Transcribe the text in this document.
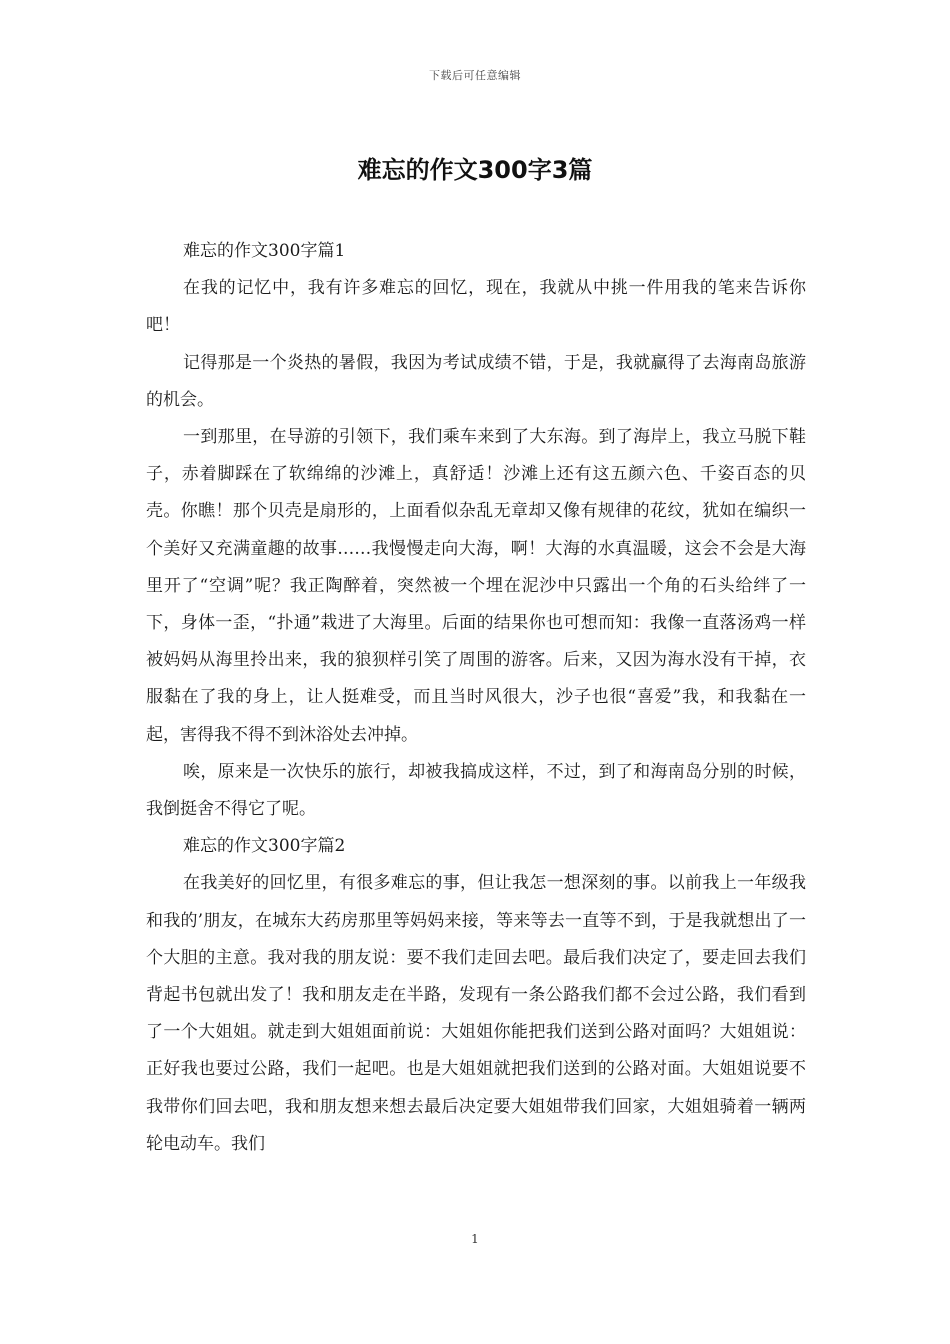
下载后可任意编辑
难忘的作文300字3篇

难忘的作文300字篇1

在我的记忆中，我有许多难忘的回忆，现在，我就从中挑一件用我的笔来告诉你吧！

记得那是一个炎热的暑假，我因为考试成绩不错，于是，我就赢得了去海南岛旅游的机会。

一到那里，在导游的引领下，我们乘车来到了大东海。到了海岸上，我立马脱下鞋子，赤着脚踩在了软绵绵的沙滩上，真舒适！沙滩上还有这五颜六色、千姿百态的贝壳。你瞧！那个贝壳是扇形的，上面看似杂乱无章却又像有规律的花纹，犹如在编织一个美好又充满童趣的故事……我慢慢走向大海，啊！大海的水真温暖，这会不会是大海里开了“空调”呢？我正陶醉着，突然被一个埋在泥沙中只露出一个角的石头给绊了一下，身体一歪，“扑通”栽进了大海里。后面的结果你也可想而知：我像一直落汤鸡一样被妈妈从海里拎出来，我的狼狈样引笑了周围的游客。后来，又因为海水没有干掉，衣服黏在了我的身上，让人挺难受，而且当时风很大，沙子也很“喜爱”我，和我黏在一起，害得我不得不到沐浴处去冲掉。

唉，原来是一次快乐的旅行，却被我搞成这样，不过，到了和海南岛分别的时候，我倒挺舍不得它了呢。

难忘的作文300字篇2

在我美好的回忆里，有很多难忘的事，但让我怎一想深刻的事。以前我上一年级我和我的’朋友，在城东大药房那里等妈妈来接，等来等去一直等不到，于是我就想出了一个大胆的主意。我对我的朋友说：要不我们走回去吧。最后我们决定了，要走回去我们背起书包就出发了！我和朋友走在半路，发现有一条公路我们都不会过公路，我们看到了一个大姐姐。就走到大姐姐面前说：大姐姐你能把我们送到公路对面吗？大姐姐说：正好我也要过公路，我们一起吧。也是大姐姐就把我们送到的公路对面。大姐姐说要不我带你们回去吧，我和朋友想来想去最后决定要大姐姐带我们回家，大姐姐骑着一辆两轮电动车。我们

1
